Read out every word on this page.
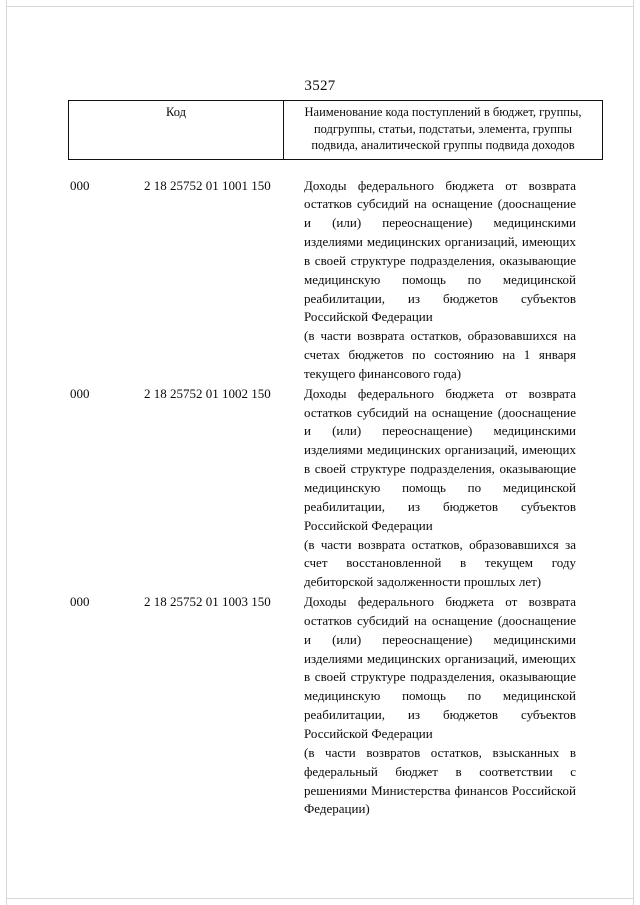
3527
Код	Наименование кода поступлений в бюджет, группы, подгруппы, статьи, подстатьи, элемента, группы подвида, аналитической группы подвида доходов
000	2 18 25752 01 1001 150	Доходы федерального бюджета от возврата остатков субсидий на оснащение (дооснащение и (или) переоснащение) медицинскими изделиями медицинских организаций, имеющих в своей структуре подразделения, оказывающие медицинскую помощь по медицинской реабилитации, из бюджетов субъектов Российской Федерации

(в части возврата остатков, образовавшихся на счетах бюджетов по состоянию на 1 января текущего финансового года)

000	2 18 25752 01 1002 150	Доходы федерального бюджета от возврата остатков субсидий на оснащение (дооснащение и (или) переоснащение) медицинскими изделиями медицинских организаций, имеющих в своей структуре подразделения, оказывающие медицинскую помощь по медицинской реабилитации, из бюджетов субъектов Российской Федерации

(в части возврата остатков, образовавшихся за счет восстановленной в текущем году дебиторской задолженности прошлых лет)

000	2 18 25752 01 1003 150	Доходы федерального бюджета от возврата остатков субсидий на оснащение (дооснащение и (или) переоснащение) медицинскими изделиями медицинских организаций, имеющих в своей структуре подразделения, оказывающие медицинскую помощь по медицинской реабилитации, из бюджетов субъектов Российской Федерации

(в части возвратов остатков, взысканных в федеральный бюджет в соответствии с решениями Министерства финансов Российской Федерации)
